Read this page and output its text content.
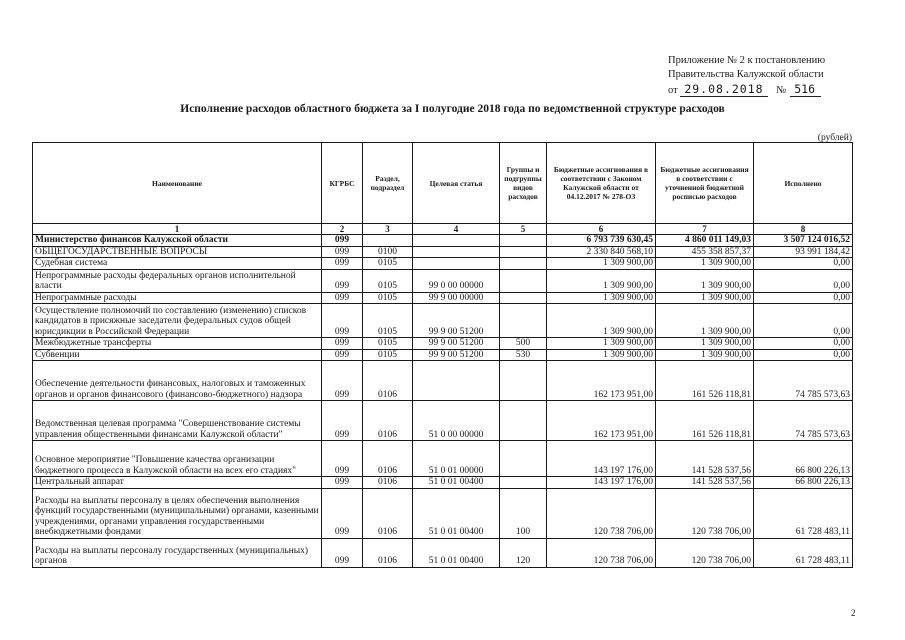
Приложение № 2 к постановлению
Правительства Калужской области
от 29.08.2018 № 516
Исполнение расходов областного бюджета за I полугодие 2018 года по ведомственной структуре расходов
(рублей)
Наименование	КГРБС	Раздел, подраздел	Целевая статья	Группы и подгруппы видов расходов	Бюджетные ассигнования в соответствии с Законом Калужской области от 04.12.2017 № 278-ОЗ	Бюджетные ассигнования в соответствии с уточненной бюджетной росписью расходов	Исполнено
1	2	3	4	5	6	7	8
Министерство финансов Калужской области	099				6 793 739 630,45	4 860 011 149,03	3 507 124 016,52
ОБЩЕГОСУДАРСТВЕННЫЕ ВОПРОСЫ	099	0100			2 330 840 568,10	455 358 857,37	93 991 184,42
Судебная система	099	0105			1 309 900,00	1 309 900,00	0,00
Непрограммные расходы федеральных органов исполнительной власти	099	0105	99 0 00 00000		1 309 900,00	1 309 900,00	0,00
Непрограммные расходы	099	0105	99 9 00 00000		1 309 900,00	1 309 900,00	0,00
Осуществление полномочий по составлению (изменению) списков кандидатов в присяжные заседатели федеральных судов общей юрисдикции в Российской Федерации	099	0105	99 9 00 51200		1 309 900,00	1 309 900,00	0,00
Межбюджетные трансферты	099	0105	99 9 00 51200	500	1 309 900,00	1 309 900,00	0,00
Субвенции	099	0105	99 9 00 51200	530	1 309 900,00	1 309 900,00	0,00
Обеспечение деятельности финансовых, налоговых и таможенных органов и органов финансового (финансово-бюджетного) надзора	099	0106			162 173 951,00	161 526 118,81	74 785 573,63
Ведомственная целевая программа "Совершенствование системы управления общественными финансами Калужской области"	099	0106	51 0 00 00000		162 173 951,00	161 526 118,81	74 785 573,63
Основное мероприятие "Повышение качества организации бюджетного процесса в Калужской области на всех его стадиях"	099	0106	51 0 01 00000		143 197 176,00	141 528 537,56	66 800 226,13
Центральный аппарат	099	0106	51 0 01 00400		143 197 176,00	141 528 537,56	66 800 226,13
Расходы на выплаты персоналу в целях обеспечения выполнения функций государственными (муниципальными) органами, казенными учреждениями, органами управления государственными внебюджетными фондами	099	0106	51 0 01 00400	100	120 738 706,00	120 738 706,00	61 728 483,11
Расходы на выплаты персоналу государственных (муниципальных) органов	099	0106	51 0 01 00400	120	120 738 706,00	120 738 706,00	61 728 483,11
2
